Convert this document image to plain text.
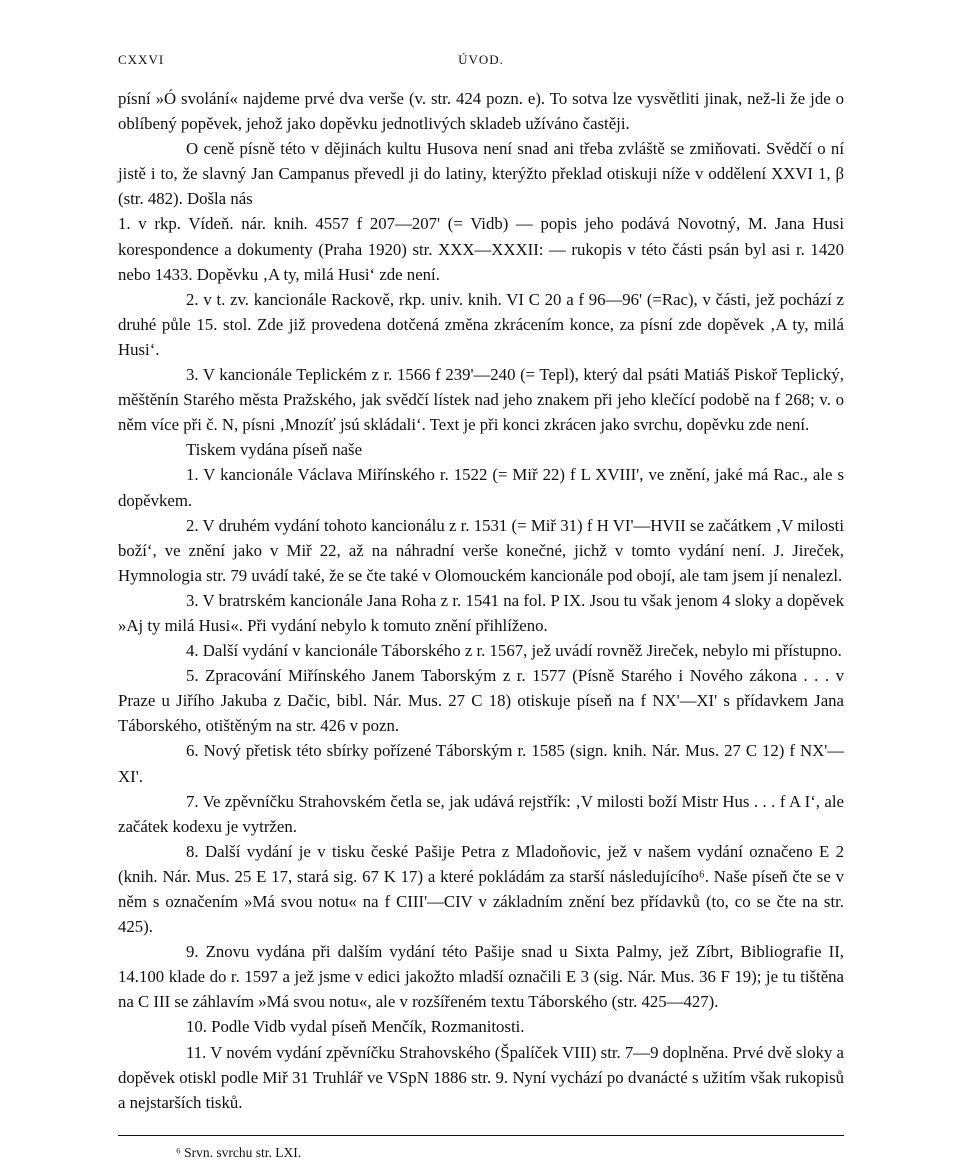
CXXVI	ÚVOD.

písní »Ó svolání« najdeme prvé dva verše (v. str. 424 pozn. e). To sotva lze vysvětliti jinak, než-li že jde o oblíbený popěvek, jehož jako dopěvku jednotlivých skladeb užíváno častěji.

O ceně písně této v dějinách kultu Husova není snad ani třeba zvláště se zmiňovati. Svědčí o ní jistě i to, že slavný Jan Campanus převedl ji do latiny, kterýžto překlad otiskuji níže v oddělení XXVI 1, β (str. 482). Došla nás

1. v rkp. Vídeň. nár. knih. 4557 f 207—207' (= Vidb) — popis jeho podává Novotný, M. Jana Husi korespondence a dokumenty (Praha 1920) str. XXX—XXXII: — rukopis v této části psán byl asi r. 1420 nebo 1433. Dopěvku ‚A ty, milá Husi‘ zde není.

2. v t. zv. kancionále Rackově, rkp. univ. knih. VI C 20 a f 96—96' (=Rac), v části, jež pochází z druhé půle 15. stol. Zde již provedena dotčená změna zkrácením konce, za písní zde dopěvek ‚A ty, milá Husi‘.

3. V kancionále Teplickém z r. 1566 f 239'—240 (= Tepl), který dal psáti Matiáš Piskoř Teplický, měštěnín Starého města Pražského, jak svědčí lístek nad jeho znakem při jeho klečící podobě na f 268; v. o něm více při č. N, písni ‚Mnozíť jsú skládali‘. Text je při konci zkrácen jako svrchu, dopěvku zde není.

Tiskem vydána píseň naše

1. V kancionále Václava Miřínského r. 1522 (= Miř 22) f L XVIII', ve znění, jaké má Rac., ale s dopěvkem.

2. V druhém vydání tohoto kancionálu z r. 1531 (= Miř 31) f H VI'—HVII se začátkem ‚V milosti boží‘, ve znění jako v Miř 22, až na náhradní verše konečné, jichž v tomto vydání není. J. Jireček, Hymnologia str. 79 uvádí také, že se čte také v Olomouckém kancionále pod obojí, ale tam jsem jí nenalezl.

3. V bratrském kancionále Jana Roha z r. 1541 na fol. P IX. Jsou tu však jenom 4 sloky a dopěvek »Aj ty milá Husi«. Při vydání nebylo k tomuto znění přihlíženo.

4. Další vydání v kancionále Táborského z r. 1567, jež uvádí rovněž Jireček, nebylo mi přístupno.

5. Zpracování Miřínského Janem Taborským z r. 1577 (Písně Starého i Nového zákona . . . v Praze u Jiřího Jakuba z Dačic, bibl. Nár. Mus. 27 C 18) otiskuje píseň na f NX'—XI' s přídavkem Jana Táborského, otištěným na str. 426 v pozn.

6. Nový přetisk této sbírky pořízené Táborským r. 1585 (sign. knih. Nár. Mus. 27 C 12) f NX'—XI'.

7. Ve zpěvníčku Strahovském četla se, jak udává rejstřík: ‚V milosti boží Mistr Hus . . . f A I‘, ale začátek kodexu je vytržen.

8. Další vydání je v tisku české Pašije Petra z Mladoňovic, jež v našem vydání označeno E 2 (knih. Nár. Mus. 25 E 17, stará sig. 67 K 17) a které pokládám za starší následujícího⁶. Naše píseň čte se v něm s označením »Má svou notu« na f CIII'—CIV v základním znění bez přídavků (to, co se čte na str. 425).

9. Znovu vydána při dalším vydání této Pašije snad u Sixta Palmy, jež Zíbrt, Bibliografie II, 14.100 klade do r. 1597 a jež jsme v edici jakožto mladší označili E 3 (sig. Nár. Mus. 36 F 19); je tu tištěna na C III se záhlavím »Má svou notu«, ale v rozšířeném textu Táborského (str. 425—427).

10. Podle Vidb vydal píseň Menčík, Rozmanitosti.

11. V novém vydání zpěvníčku Strahovského (Špalíček VIII) str. 7—9 doplněna. Prvé dvě sloky a dopěvek otiskl podle Miř 31 Truhlář ve VSpN 1886 str. 9. Nyní vychází po dvanácté s užitím však rukopisů a nejstarších tisků.

⁶ Srvn. svrchu str. LXI.
